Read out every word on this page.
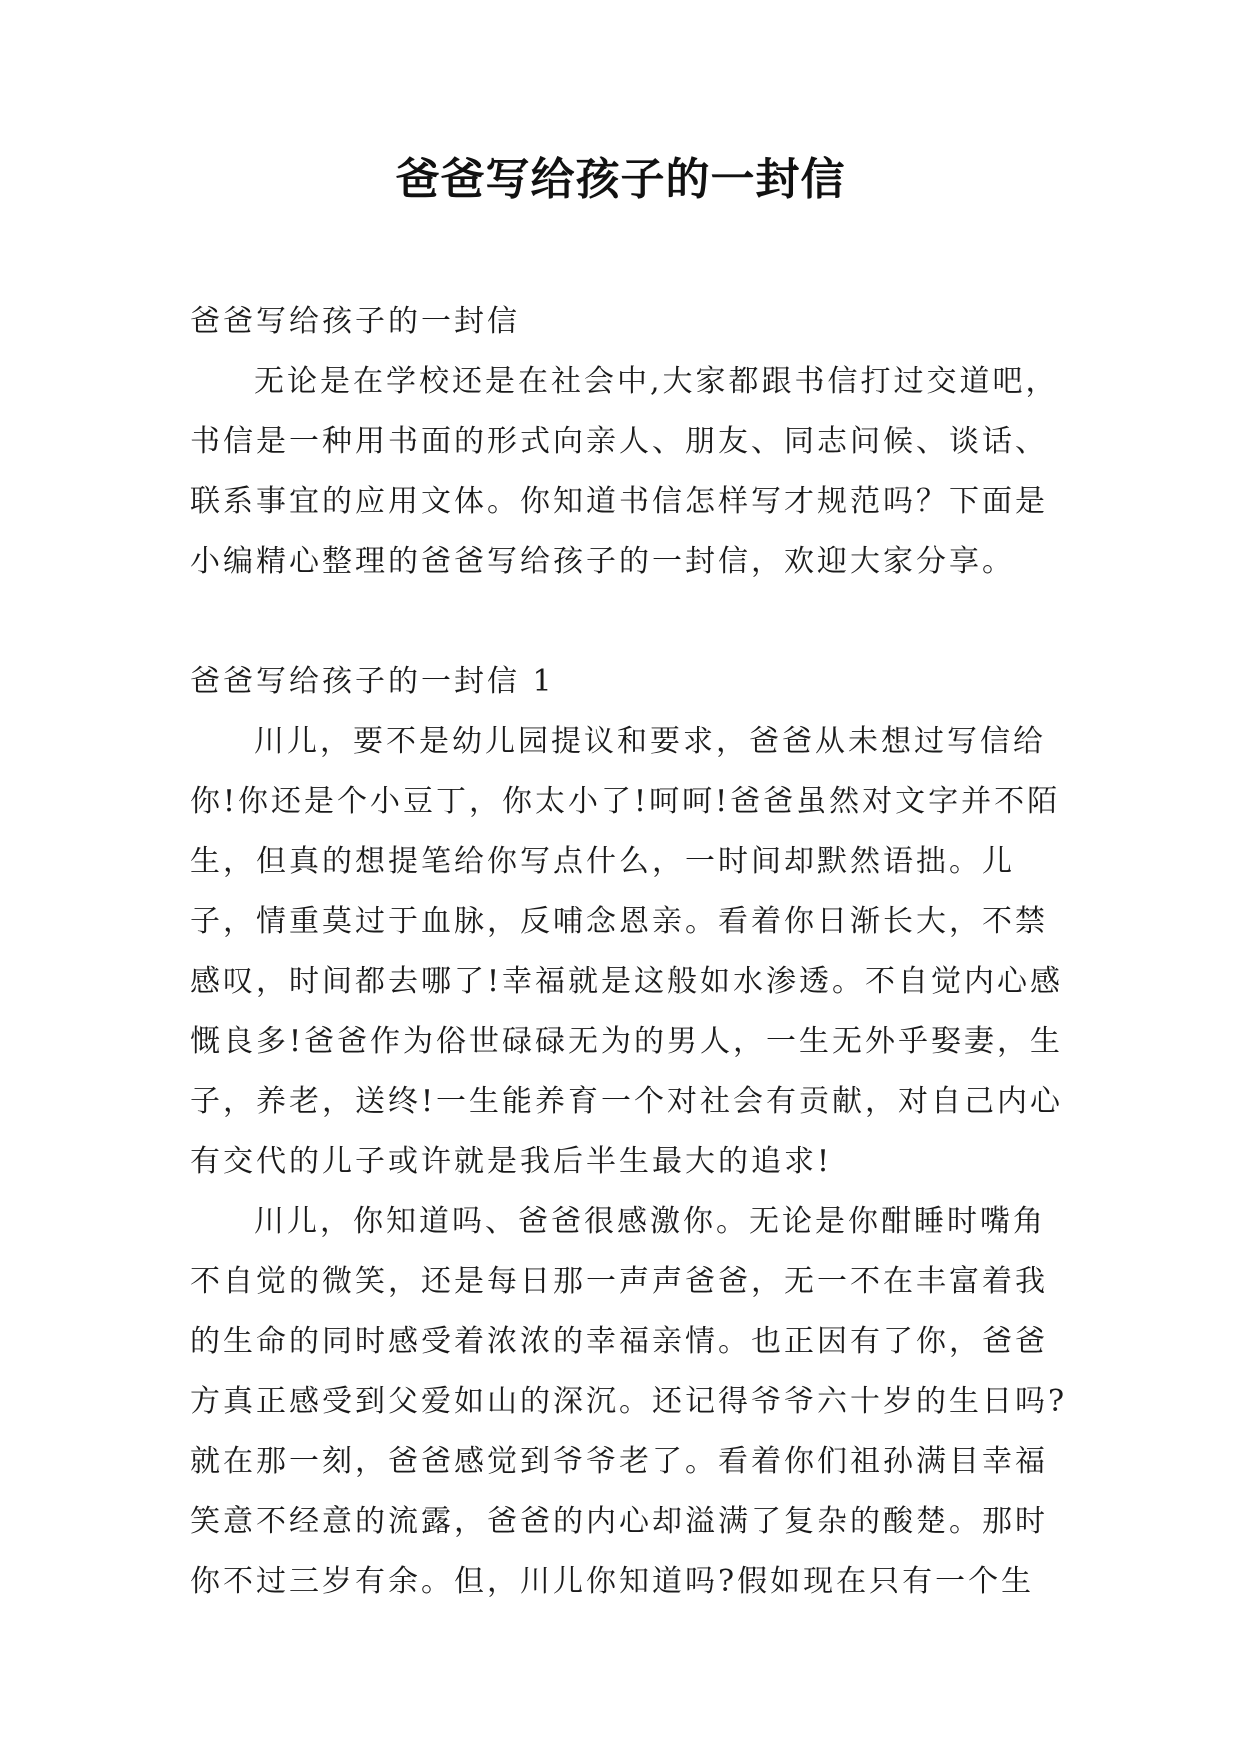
爸爸写给孩子的一封信

爸爸写给孩子的一封信

无论是在学校还是在社会中,大家都跟书信打过交道吧，书信是一种用书面的形式向亲人、朋友、同志问候、谈话、联系事宜的应用文体。你知道书信怎样写才规范吗？下面是小编精心整理的爸爸写给孩子的一封信，欢迎大家分享。

爸爸写给孩子的一封信 1

川儿，要不是幼儿园提议和要求，爸爸从未想过写信给你!你还是个小豆丁，你太小了!呵呵!爸爸虽然对文字并不陌生，但真的想提笔给你写点什么，一时间却默然语拙。儿子，情重莫过于血脉，反哺念恩亲。看着你日渐长大，不禁感叹，时间都去哪了!幸福就是这般如水渗透。不自觉内心感慨良多!爸爸作为俗世碌碌无为的男人，一生无外乎娶妻，生子，养老，送终!一生能养育一个对社会有贡献，对自己内心有交代的儿子或许就是我后半生最大的追求!

川儿，你知道吗、爸爸很感激你。无论是你酣睡时嘴角不自觉的微笑，还是每日那一声声爸爸，无一不在丰富着我的生命的同时感受着浓浓的幸福亲情。也正因有了你，爸爸方真正感受到父爱如山的深沉。还记得爷爷六十岁的生日吗?就在那一刻，爸爸感觉到爷爷老了。看着你们祖孙满目幸福笑意不经意的流露，爸爸的内心却溢满了复杂的酸楚。那时你不过三岁有余。但，川儿你知道吗?假如现在只有一个生
